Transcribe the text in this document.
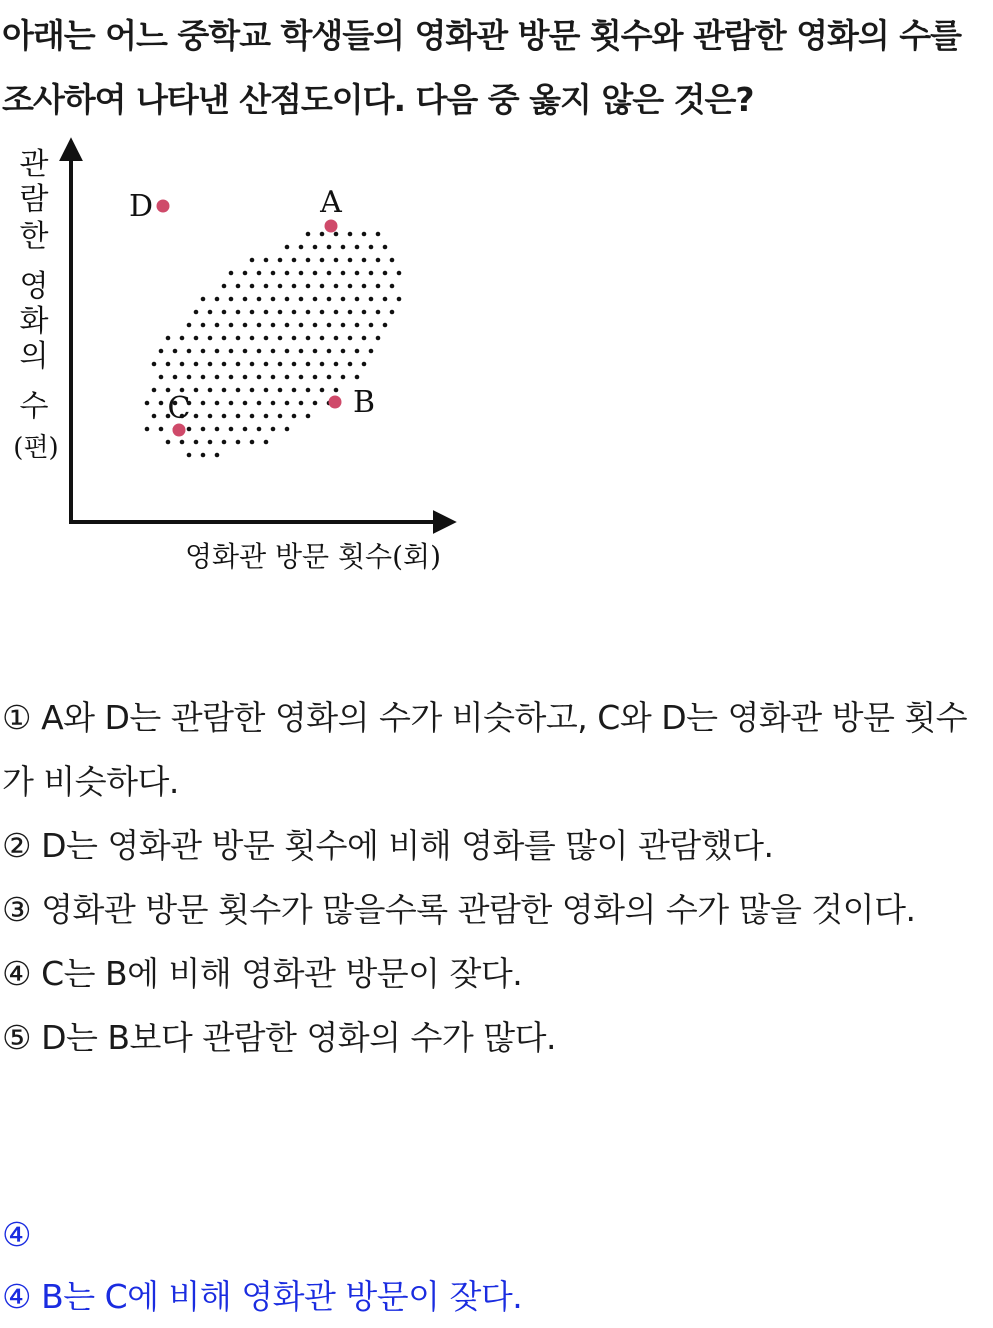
아래는 어느 중학교 학생들의 영화관 방문 횟수와 관람한 영화의 수를 조사하여 나타낸 산점도이다. 다음 중 옳지 않은 것은?

관
람
한
영
화
의
수
(편)
영화관 방문 횟수(회)
A
B
C
D
① A와 D는 관람한 영화의 수가 비슷하고, C와 D는 영화관 방문 횟수가 비슷하다.
② D는 영화관 방문 횟수에 비해 영화를 많이 관람했다.
③ 영화관 방문 횟수가 많을수록 관람한 영화의 수가 많을 것이다.
④ C는 B에 비해 영화관 방문이 잦다.
⑤ D는 B보다 관람한 영화의 수가 많다.
④
④ B는 C에 비해 영화관 방문이 잦다.
